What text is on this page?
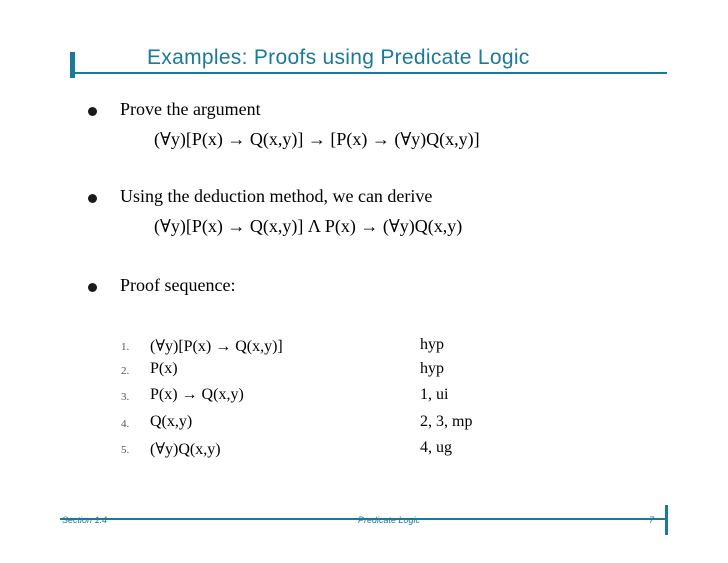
Examples: Proofs using Predicate Logic
Prove the argument
(∀y)[P(x) → Q(x,y)] → [P(x) → (∀y)Q(x,y)]
Using the deduction method, we can derive
(∀y)[P(x) → Q(x,y)] Λ P(x) → (∀y)Q(x,y)
Proof sequence:
1. (∀y)[P(x) → Q(x,y)]	hyp
2. P(x)	hyp
3. P(x) → Q(x,y)	1, ui
4. Q(x,y)	2, 3, mp
5. (∀y)Q(x,y)	4, ug
Section 1.4	Predicate Logic	7
